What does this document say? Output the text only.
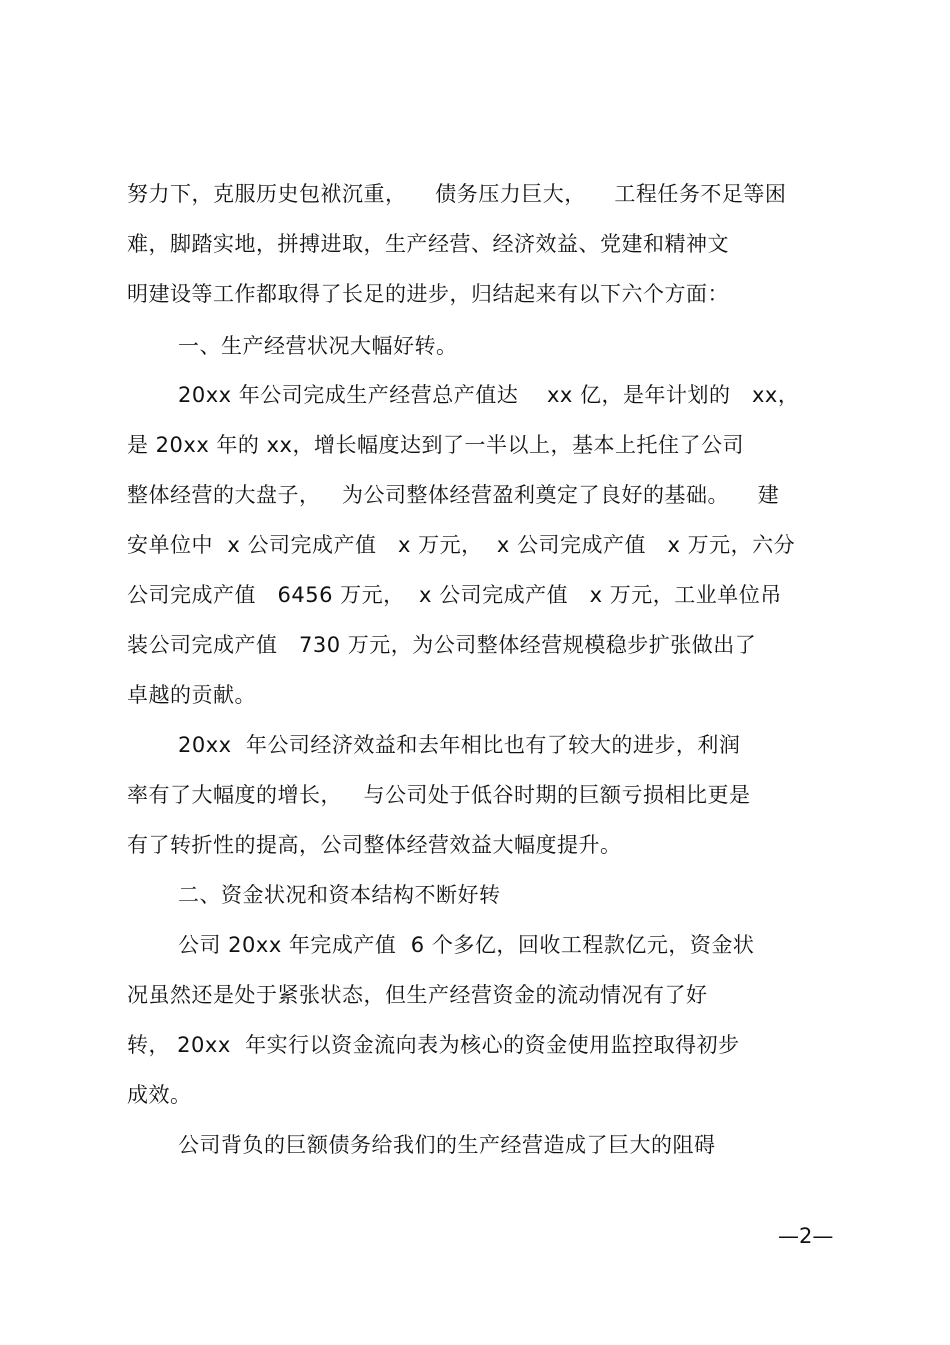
努力下，克服历史包袱沉重，    债务压力巨大，    工程任务不足等困
难，脚踏实地，拼搏进取，生产经营、经济效益、党建和精神文
明建设等工作都取得了长足的进步，归结起来有以下六个方面：
一、生产经营状况大幅好转。
20xx 年公司完成生产经营总产值达    xx 亿，是年计划的   xx，
是 20xx 年的 xx，增长幅度达到了一半以上，基本上托住了公司
整体经营的大盘子，   为公司整体经营盈利奠定了良好的基础。    建
安单位中  x 公司完成产值   x 万元，  x 公司完成产值   x 万元，六分
公司完成产值   6456 万元，  x 公司完成产值   x 万元，工业单位吊
装公司完成产值   730 万元，为公司整体经营规模稳步扩张做出了
卓越的贡献。
20xx  年公司经济效益和去年相比也有了较大的进步，利润
率有了大幅度的增长，   与公司处于低谷时期的巨额亏损相比更是
有了转折性的提高，公司整体经营效益大幅度提升。
二、资金状况和资本结构不断好转
公司 20xx 年完成产值  6 个多亿，回收工程款亿元，资金状
况虽然还是处于紧张状态，但生产经营资金的流动情况有了好
转， 20xx  年实行以资金流向表为核心的资金使用监控取得初步
成效。
公司背负的巨额债务给我们的生产经营造成了巨大的阻碍
—2—
